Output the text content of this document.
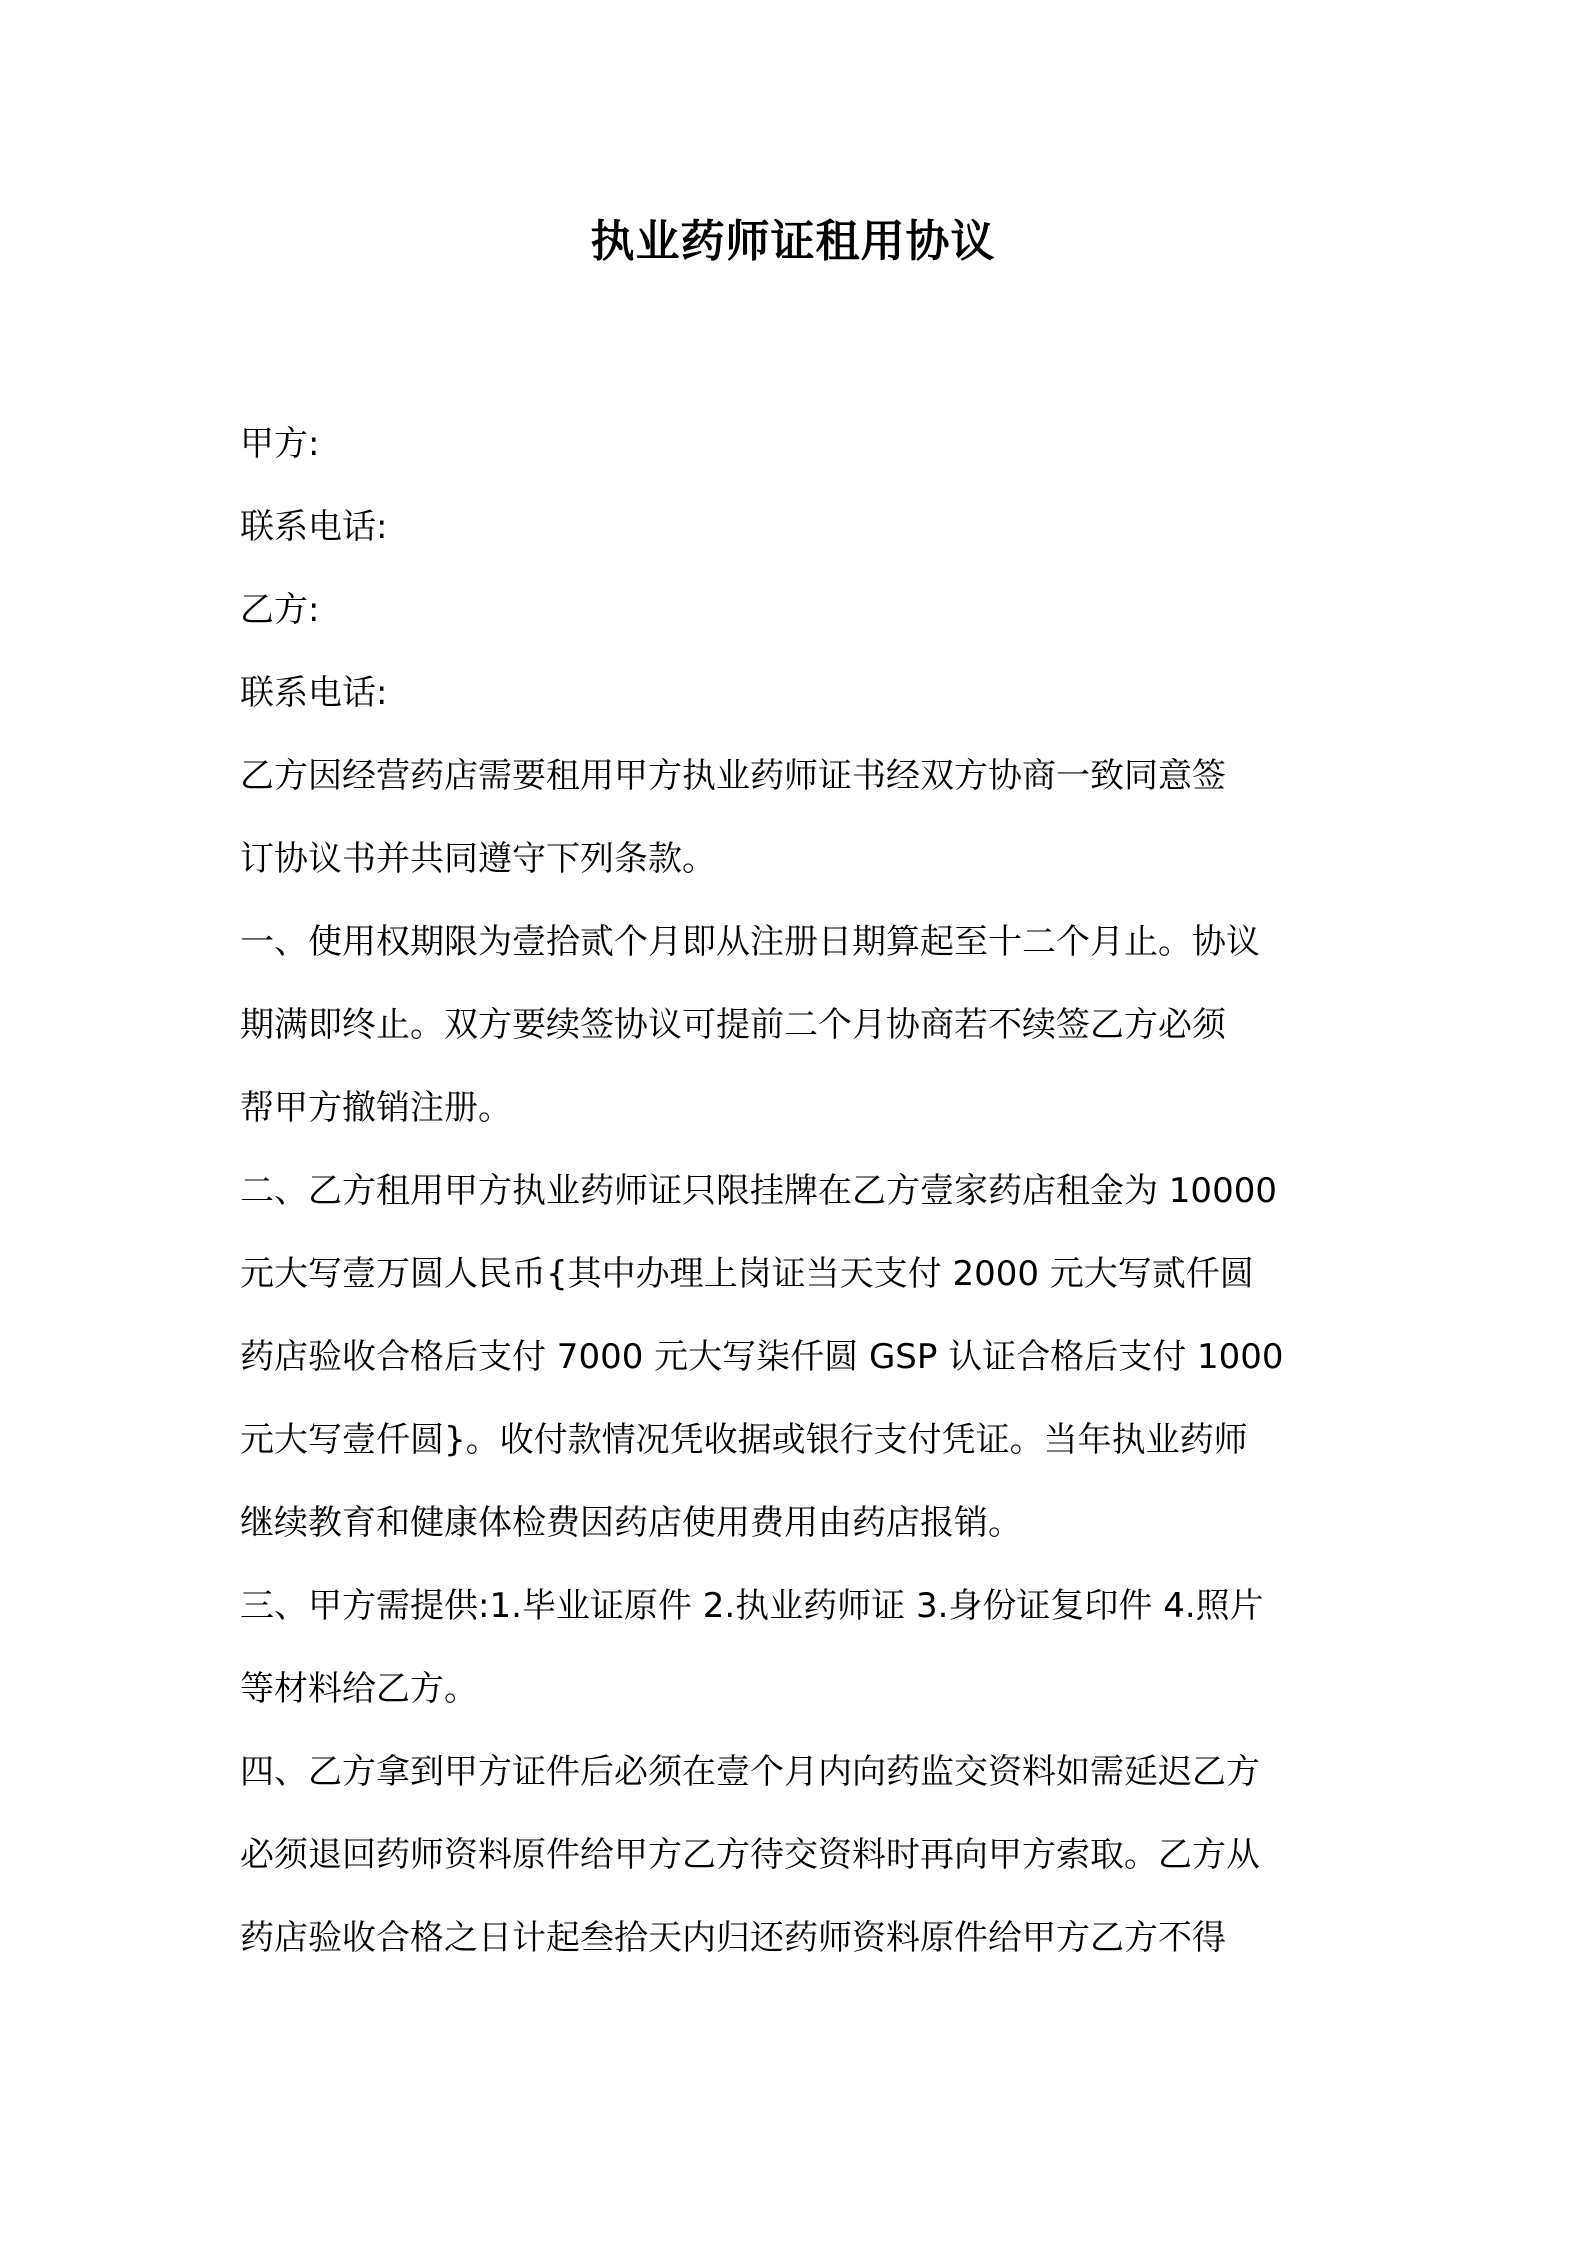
执业药师证租用协议
甲方:
联系电话:
乙方:
联系电话:
乙方因经营药店需要租用甲方执业药师证书经双方协商一致同意签
订协议书并共同遵守下列条款。
一、使用权期限为壹拾贰个月即从注册日期算起至十二个月止。协议
期满即终止。双方要续签协议可提前二个月协商若不续签乙方必须
帮甲方撤销注册。
二、乙方租用甲方执业药师证只限挂牌在乙方壹家药店租金为 10000
元大写壹万圆人民币{其中办理上岗证当天支付 2000 元大写贰仟圆
药店验收合格后支付 7000 元大写柒仟圆 GSP 认证合格后支付 1000
元大写壹仟圆}。收付款情况凭收据或银行支付凭证。当年执业药师
继续教育和健康体检费因药店使用费用由药店报销。
三、甲方需提供:1.毕业证原件 2.执业药师证 3.身份证复印件 4.照片
等材料给乙方。
四、乙方拿到甲方证件后必须在壹个月内向药监交资料如需延迟乙方
必须退回药师资料原件给甲方乙方待交资料时再向甲方索取。乙方从
药店验收合格之日计起叁拾天内归还药师资料原件给甲方乙方不得
